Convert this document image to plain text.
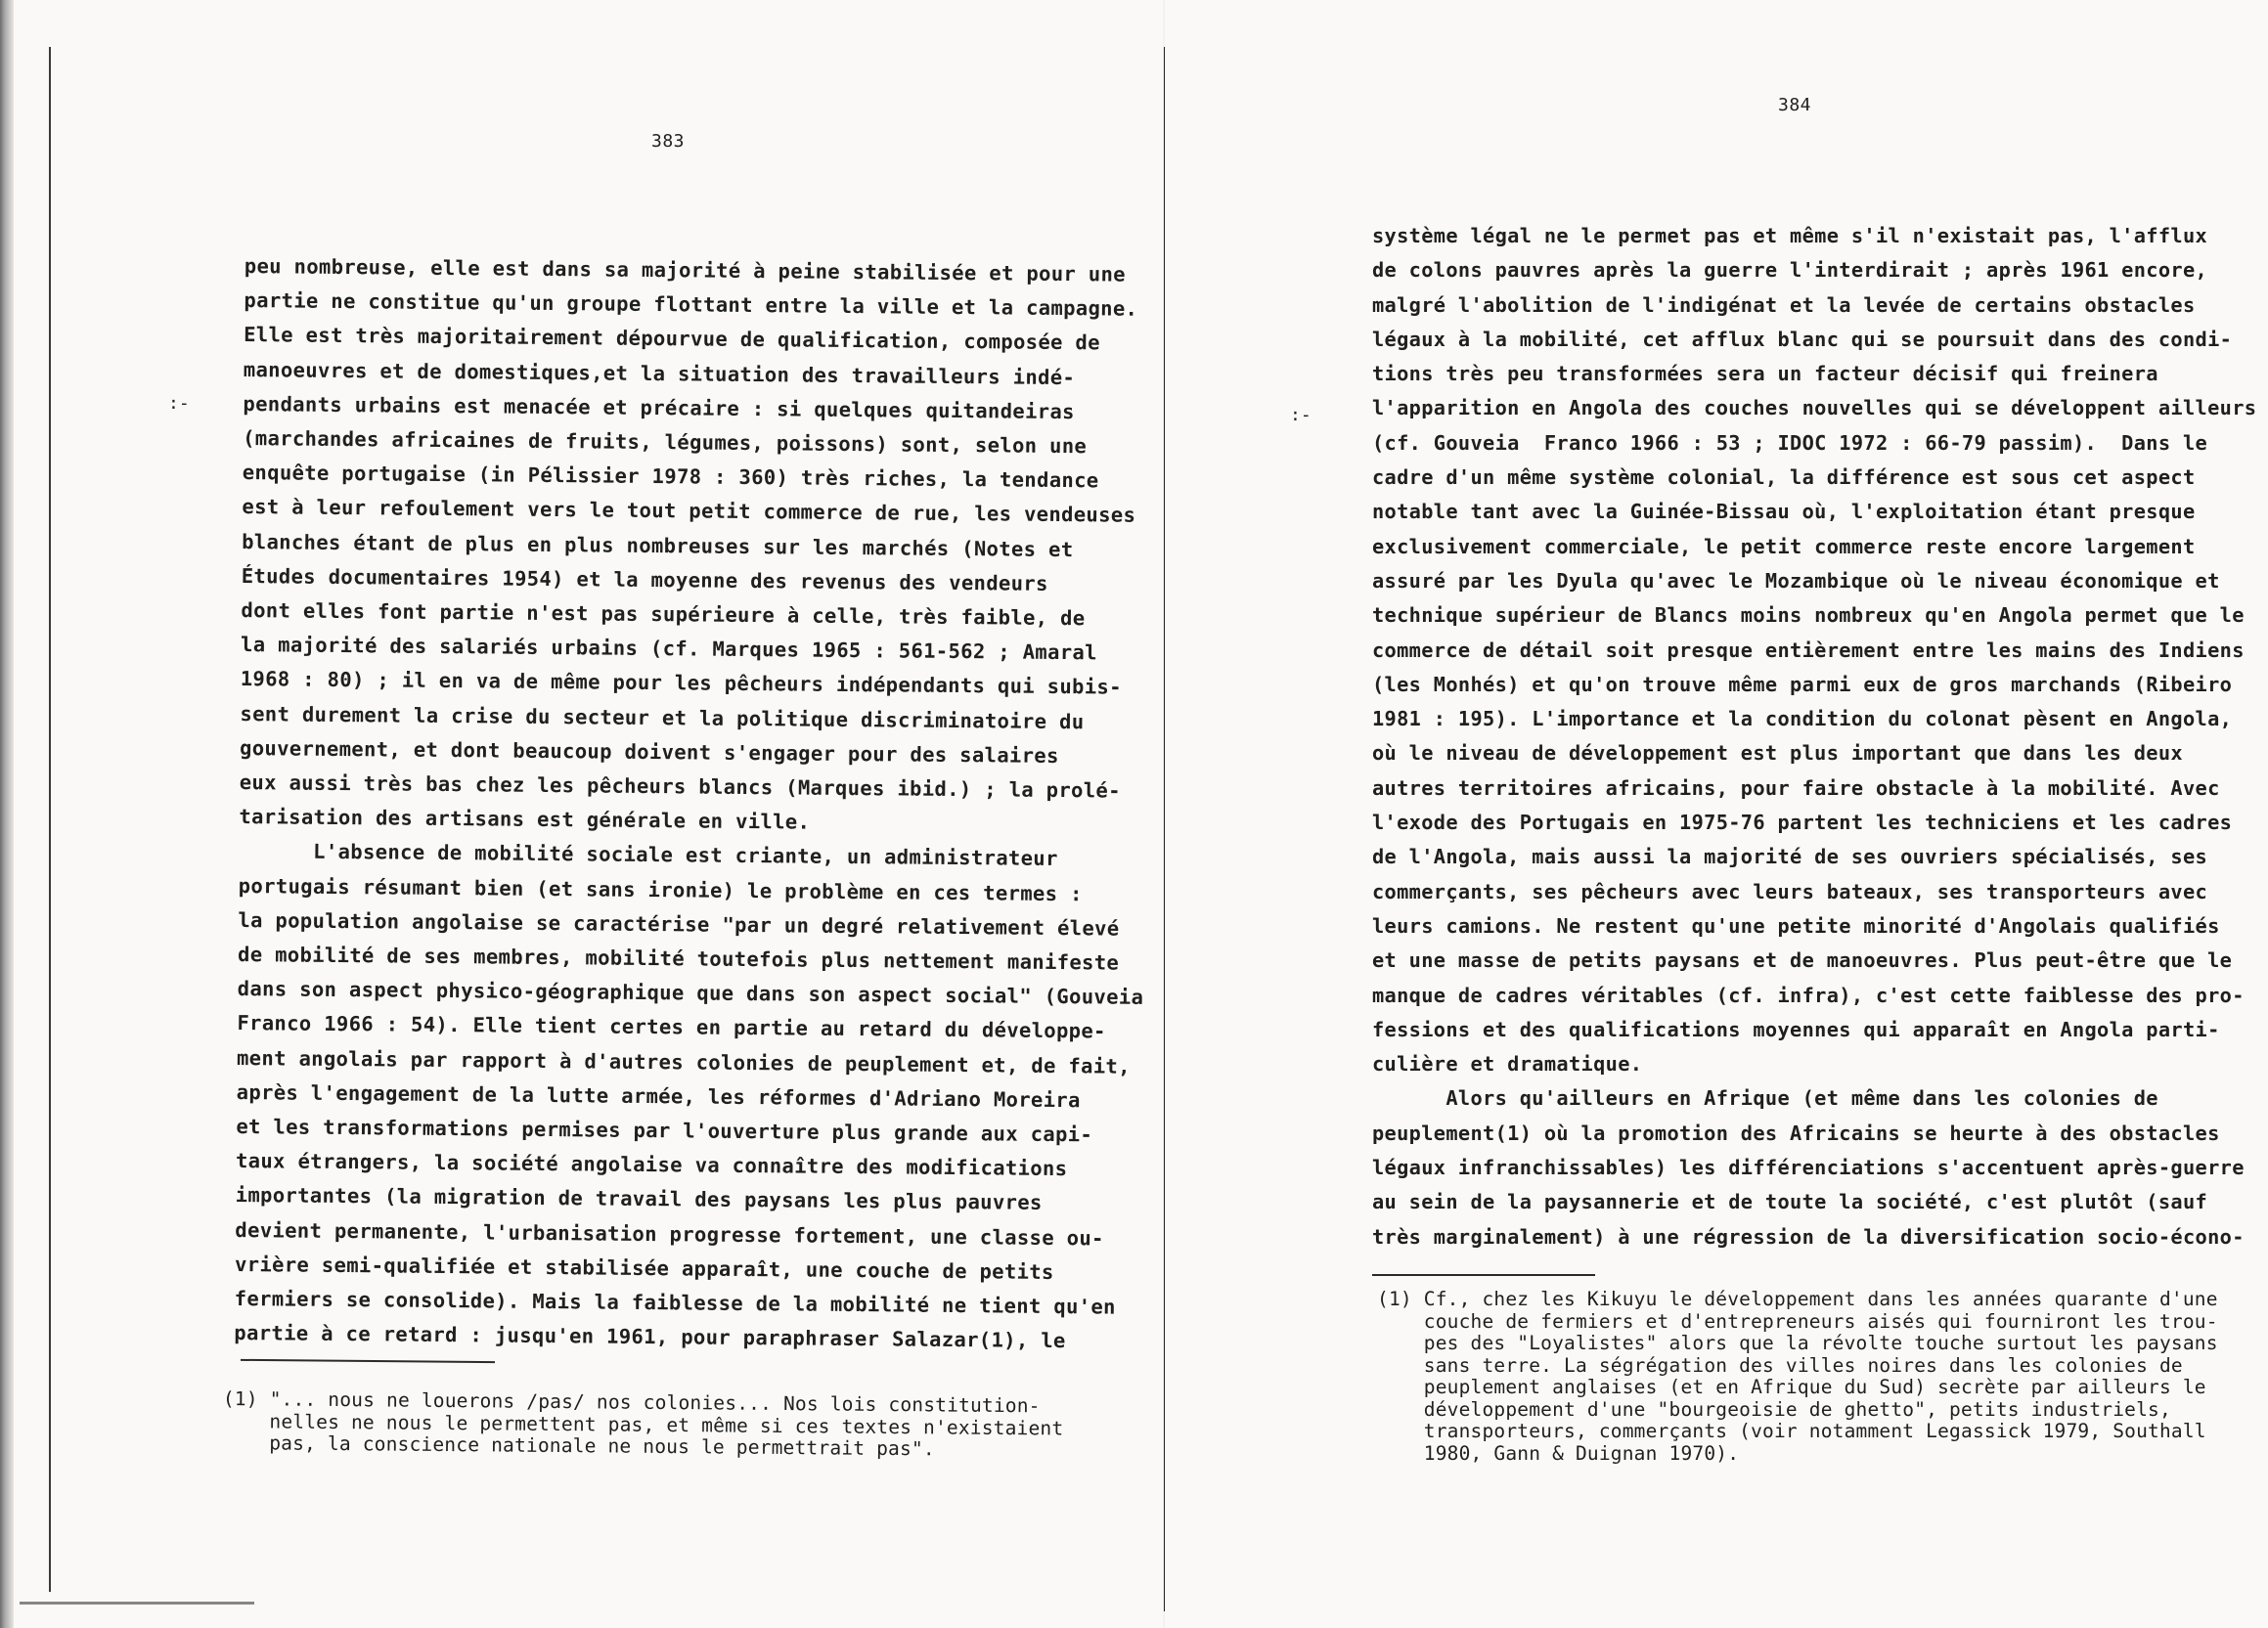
383
:-
peu nombreuse, elle est dans sa majorité à peine stabilisée et pour une
partie ne constitue qu'un groupe flottant entre la ville et la campagne.
Elle est très majoritairement dépourvue de qualification, composée de
manoeuvres et de domestiques,et la situation des travailleurs indé-
pendants urbains est menacée et précaire : si quelques quitandeiras
(marchandes africaines de fruits, légumes, poissons) sont, selon une
enquête portugaise (in Pélissier 1978 : 360) très riches, la tendance
est à leur refoulement vers le tout petit commerce de rue, les vendeuses
blanches étant de plus en plus nombreuses sur les marchés (Notes et
Études documentaires 1954) et la moyenne des revenus des vendeurs
dont elles font partie n'est pas supérieure à celle, très faible, de
la majorité des salariés urbains (cf. Marques 1965 : 561-562 ; Amaral
1968 : 80) ; il en va de même pour les pêcheurs indépendants qui subis-
sent durement la crise du secteur et la politique discriminatoire du
gouvernement, et dont beaucoup doivent s'engager pour des salaires
eux aussi très bas chez les pêcheurs blancs (Marques ibid.) ; la prolé-
tarisation des artisans est générale en ville.
L'absence de mobilité sociale est criante, un administrateur
portugais résumant bien (et sans ironie) le problème en ces termes :
la population angolaise se caractérise "par un degré relativement élevé
de mobilité de ses membres, mobilité toutefois plus nettement manifeste
dans son aspect physico-géographique que dans son aspect social" (Gouveia
Franco 1966 : 54). Elle tient certes en partie au retard du développe-
ment angolais par rapport à d'autres colonies de peuplement et, de fait,
après l'engagement de la lutte armée, les réformes d'Adriano Moreira
et les transformations permises par l'ouverture plus grande aux capi-
taux étrangers, la société angolaise va connaître des modifications
importantes (la migration de travail des paysans les plus pauvres
devient permanente, l'urbanisation progresse fortement, une classe ou-
vrière semi-qualifiée et stabilisée apparaît, une couche de petits
fermiers se consolide). Mais la faiblesse de la mobilité ne tient qu'en
partie à ce retard : jusqu'en 1961, pour paraphraser Salazar(1), le
(1) "... nous ne louerons /pas/ nos colonies... Nos lois constitution-
nelles ne nous le permettent pas, et même si ces textes n'existaient
pas, la conscience nationale ne nous le permettrait pas".
384
:-
système légal ne le permet pas et même s'il n'existait pas, l'afflux
de colons pauvres après la guerre l'interdirait ; après 1961 encore,
malgré l'abolition de l'indigénat et la levée de certains obstacles
légaux à la mobilité, cet afflux blanc qui se poursuit dans des condi-
tions très peu transformées sera un facteur décisif qui freinera
l'apparition en Angola des couches nouvelles qui se développent ailleurs
(cf. Gouveia  Franco 1966 : 53 ; IDOC 1972 : 66-79 passim).  Dans le
cadre d'un même système colonial, la différence est sous cet aspect
notable tant avec la Guinée-Bissau où, l'exploitation étant presque
exclusivement commerciale, le petit commerce reste encore largement
assuré par les Dyula qu'avec le Mozambique où le niveau économique et
technique supérieur de Blancs moins nombreux qu'en Angola permet que le
commerce de détail soit presque entièrement entre les mains des Indiens
(les Monhés) et qu'on trouve même parmi eux de gros marchands (Ribeiro
1981 : 195). L'importance et la condition du colonat pèsent en Angola,
où le niveau de développement est plus important que dans les deux
autres territoires africains, pour faire obstacle à la mobilité. Avec
l'exode des Portugais en 1975-76 partent les techniciens et les cadres
de l'Angola, mais aussi la majorité de ses ouvriers spécialisés, ses
commerçants, ses pêcheurs avec leurs bateaux, ses transporteurs avec
leurs camions. Ne restent qu'une petite minorité d'Angolais qualifiés
et une masse de petits paysans et de manoeuvres. Plus peut-être que le
manque de cadres véritables (cf. infra), c'est cette faiblesse des pro-
fessions et des qualifications moyennes qui apparaît en Angola parti-
culière et dramatique.
Alors qu'ailleurs en Afrique (et même dans les colonies de
peuplement(1) où la promotion des Africains se heurte à des obstacles
légaux infranchissables) les différenciations s'accentuent après-guerre
au sein de la paysannerie et de toute la société, c'est plutôt (sauf
très marginalement) à une régression de la diversification socio-écono-
(1) Cf., chez les Kikuyu le développement dans les années quarante d'une
couche de fermiers et d'entrepreneurs aisés qui fourniront les trou-
pes des "Loyalistes" alors que la révolte touche surtout les paysans
sans terre. La ségrégation des villes noires dans les colonies de
peuplement anglaises (et en Afrique du Sud) secrète par ailleurs le
développement d'une "bourgeoisie de ghetto", petits industriels,
transporteurs, commerçants (voir notamment Legassick 1979, Southall
1980, Gann & Duignan 1970).
